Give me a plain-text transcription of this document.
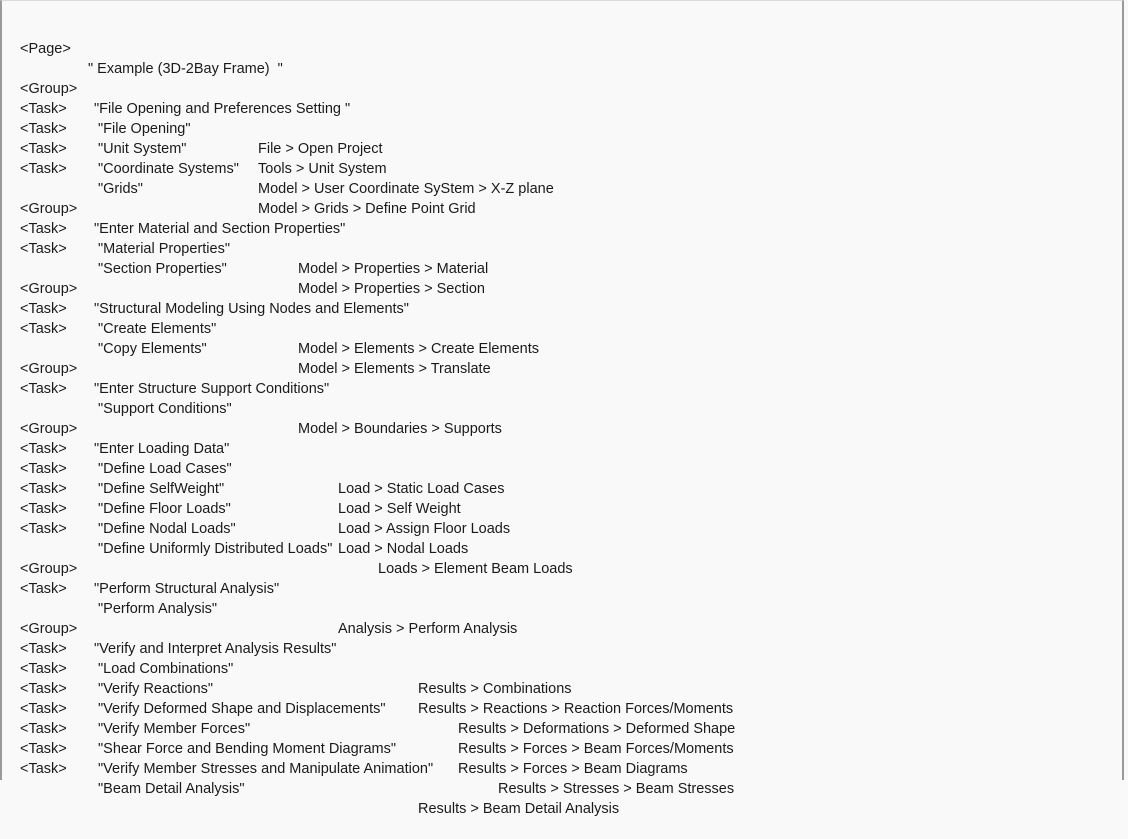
<Page>

" Example (3D-2Bay Frame)  "

<Group>

"File Opening and Preferences Setting "

<Task>

"File Opening"

File > Open Project

<Task>

"Unit System"

Tools > Unit System

<Task>

"Coordinate Systems"

Model > User Coordinate SyStem > X-Z plane

<Task>

"Grids"

Model > Grids > Define Point Grid

<Group>

"Enter Material and Section Properties"

<Task>

"Material Properties"

Model > Properties > Material

<Task>

"Section Properties"

Model > Properties > Section

<Group>

"Structural Modeling Using Nodes and Elements"

<Task>

"Create Elements"

Model > Elements > Create Elements

<Task>

"Copy Elements"

Model > Elements > Translate

<Group>

"Enter Structure Support Conditions"

<Task>

"Support Conditions"

Model > Boundaries > Supports

<Group>

"Enter Loading Data"

<Task>

"Define Load Cases"

Load > Static Load Cases

<Task>

"Define SelfWeight"

Load > Self Weight

<Task>

"Define Floor Loads"

Load > Assign Floor Loads

<Task>

"Define Nodal Loads"

Load > Nodal Loads

<Task>

"Define Uniformly Distributed Loads"

Loads > Element Beam Loads

<Group>

"Perform Structural Analysis"

<Task>

"Perform Analysis"

Analysis > Perform Analysis

<Group>

"Verify and Interpret Analysis Results"

<Task>

"Load Combinations"

Results > Combinations

<Task>

"Verify Reactions"

Results > Reactions > Reaction Forces/Moments

<Task>

"Verify Deformed Shape and Displacements"

Results > Deformations > Deformed Shape

<Task>

"Verify Member Forces"

Results > Forces > Beam Forces/Moments

<Task>

"Shear Force and Bending Moment Diagrams"

Results > Forces > Beam Diagrams

<Task>

"Verify Member Stresses and Manipulate Animation"

Results > Stresses > Beam Stresses

<Task>

"Beam Detail Analysis"

Results > Beam Detail Analysis
